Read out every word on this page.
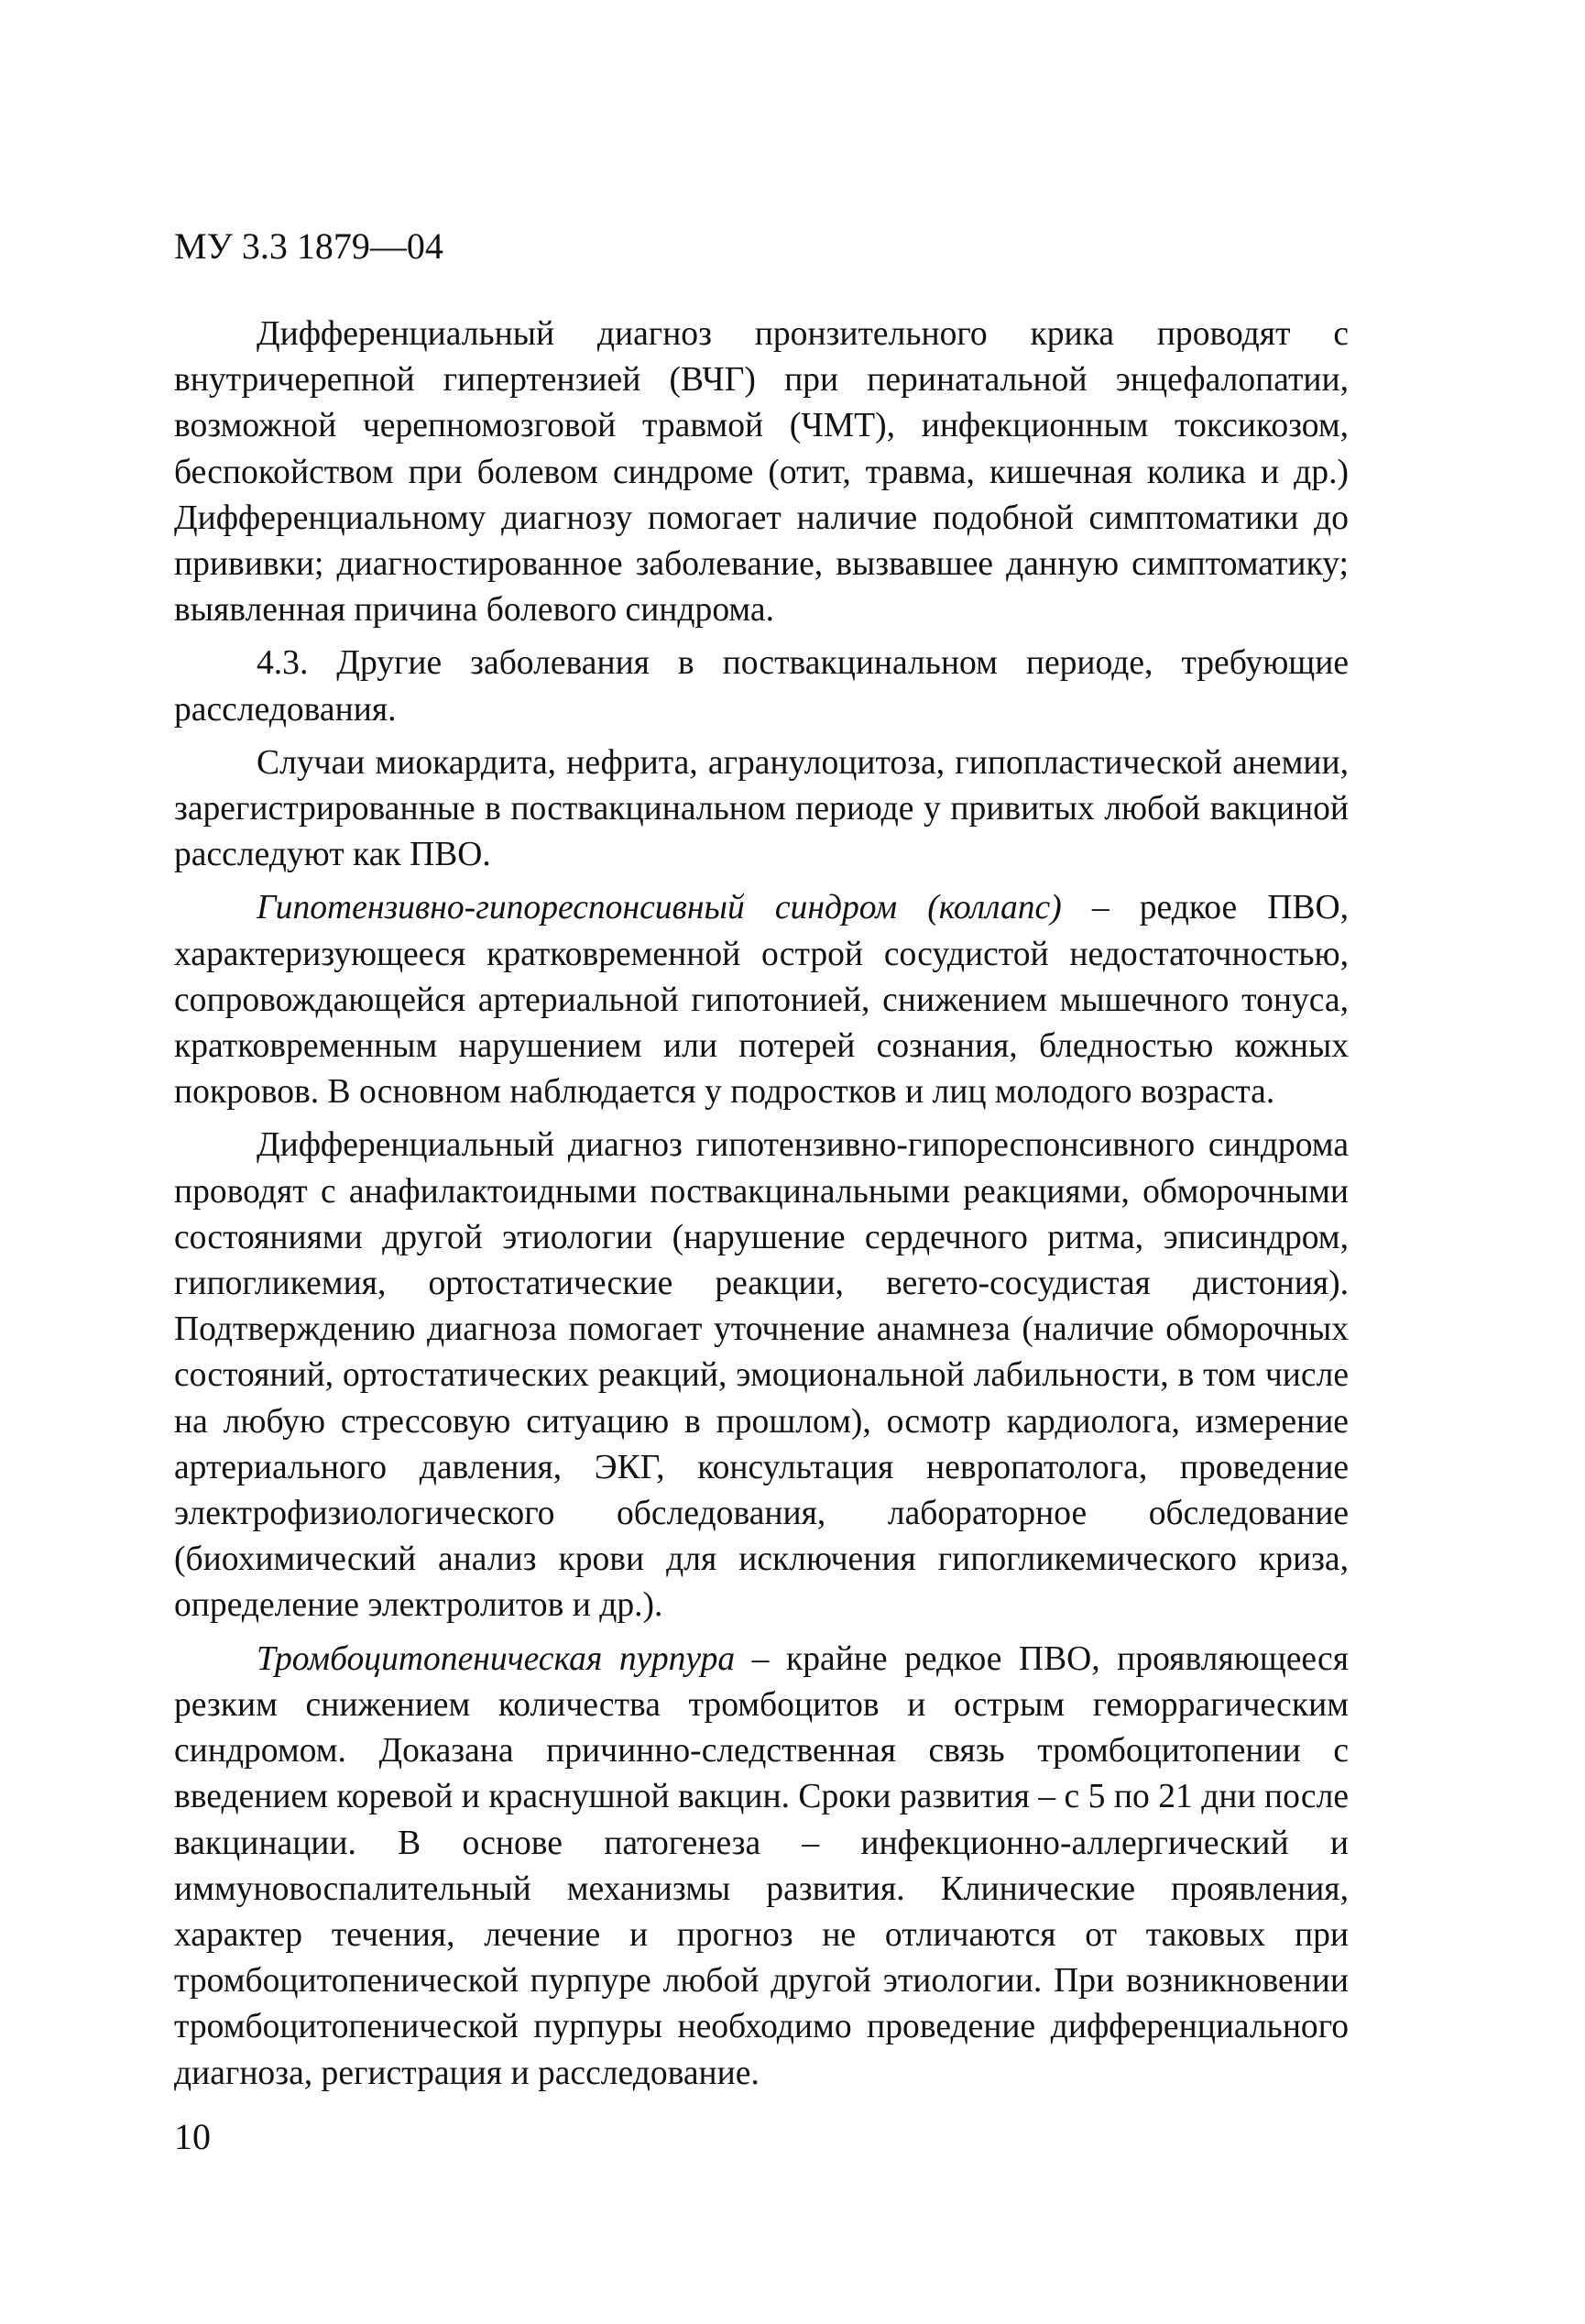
МУ 3.3 1879—04

Дифференциальный диагноз пронзительного крика проводят с внутричерепной гипертензией (ВЧГ) при перинатальной энцефалопатии, возможной черепномозговой травмой (ЧМТ), инфекционным токсикозом, беспокойством при болевом синдроме (отит, травма, кишечная колика и др.) Дифференциальному диагнозу помогает наличие подобной симптоматики до прививки; диагностированное заболевание, вызвавшее данную симптоматику; выявленная причина болевого синдрома.

4.3. Другие заболевания в поствакцинальном периоде, требующие расследования.

Случаи миокардита, нефрита, агранулоцитоза, гипопластической анемии, зарегистрированные в поствакцинальном периоде у привитых любой вакциной расследуют как ПВО.

Гипотензивно-гипореспонсивный синдром (коллапс) – редкое ПВО, характеризующееся кратковременной острой сосудистой недостаточностью, сопровождающейся артериальной гипотонией, снижением мышечного тонуса, кратковременным нарушением или потерей сознания, бледностью кожных покровов. В основном наблюдается у подростков и лиц молодого возраста.

Дифференциальный диагноз гипотензивно-гипореспонсивного синдрома проводят с анафилактоидными поствакцинальными реакциями, обморочными состояниями другой этиологии (нарушение сердечного ритма, эписиндром, гипогликемия, ортостатические реакции, вегето-сосудистая дистония). Подтверждению диагноза помогает уточнение анамнеза (наличие обморочных состояний, ортостатических реакций, эмоциональной лабильности, в том числе на любую стрессовую ситуацию в прошлом), осмотр кардиолога, измерение артериального давления, ЭКГ, консультация невропатолога, проведение электрофизиологического обследования, лабораторное обследование (биохимический анализ крови для исключения гипогликемического криза, определение электролитов и др.).

Тромбоцитопеническая пурпура – крайне редкое ПВО, проявляющееся резким снижением количества тромбоцитов и острым геморрагическим синдромом. Доказана причинно-следственная связь тромбоцитопении с введением коревой и краснушной вакцин. Сроки развития – с 5 по 21 дни после вакцинации. В основе патогенеза – инфекционно-аллергический и иммуновоспалительный механизмы развития. Клинические проявления, характер течения, лечение и прогноз не отличаются от таковых при тромбоцитопенической пурпуре любой другой этиологии. При возникновении тромбоцитопенической пурпуры необходимо проведение дифференциального диагноза, регистрация и расследование.

10
